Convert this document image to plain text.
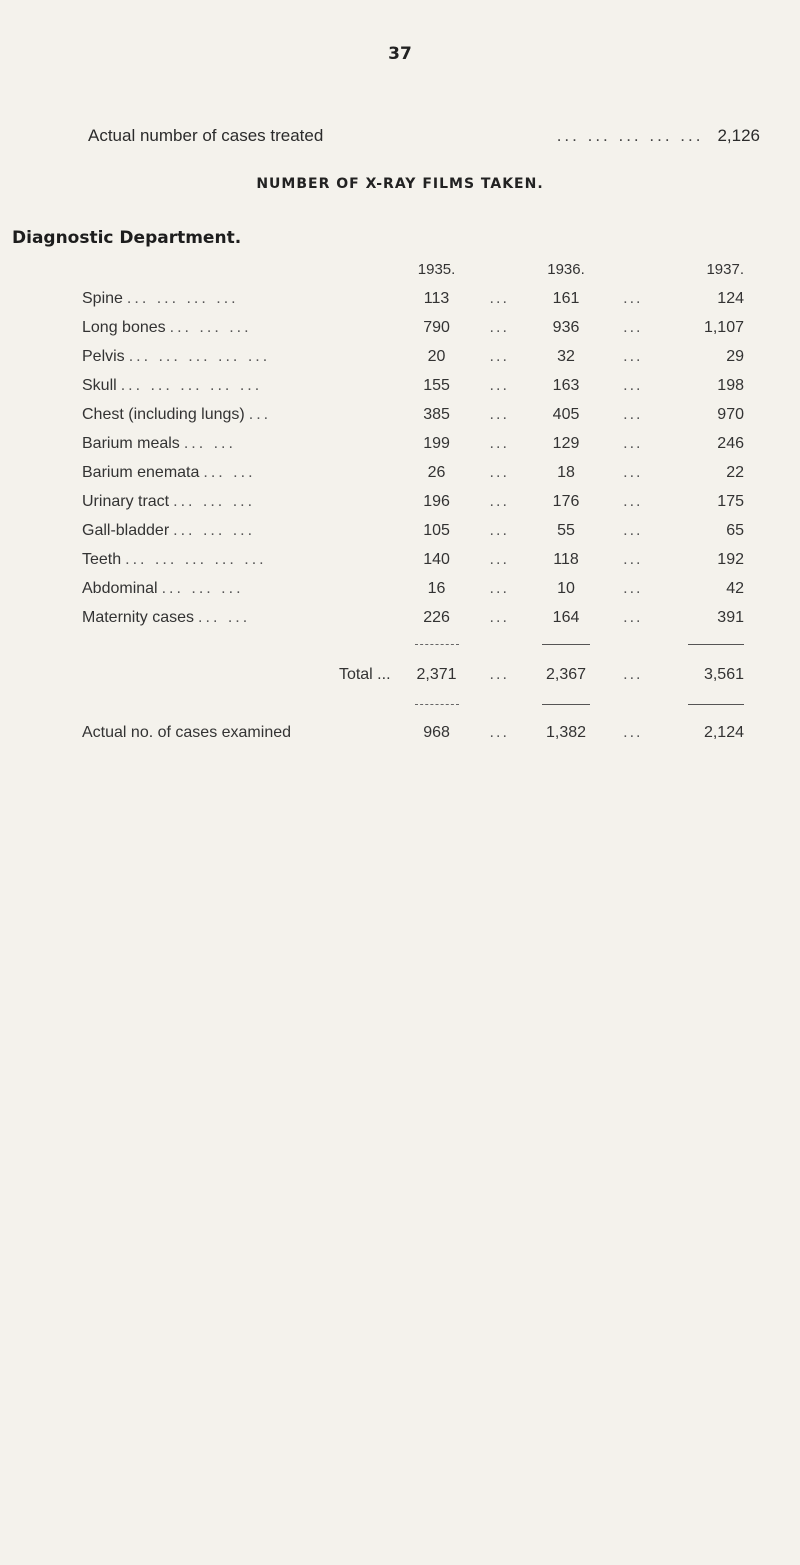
37
Actual number of cases treated	... ... ... ... ... 2,126
NUMBER OF X-RAY FILMS TAKEN.
Diagnostic Department.
	1935.		1936.		1937.
Spine ... ... ... ...	113	...	161	...	124
Long bones ... ... ...	790	...	936	...	1,107
Pelvis ... ... ... ... ...	20	...	32	...	29
Skull ... ... ... ... ...	155	...	163	...	198
Chest (including lungs) ...	385	...	405	...	970
Barium meals ... ...	199	...	129	...	246
Barium enemata ... ...	26	...	18	...	22
Urinary tract ... ... ...	196	...	176	...	175
Gall-bladder ... ... ...	105	...	55	...	65
Teeth ... ... ... ... ...	140	...	118	...	192
Abdominal ... ... ...	16	...	10	...	42
Maternity cases ... ...	226	...	164	...	391

Total ...	2,371	...	2,367	...	3,561

Actual no. of cases examined	968	...	1,382	...	2,124
